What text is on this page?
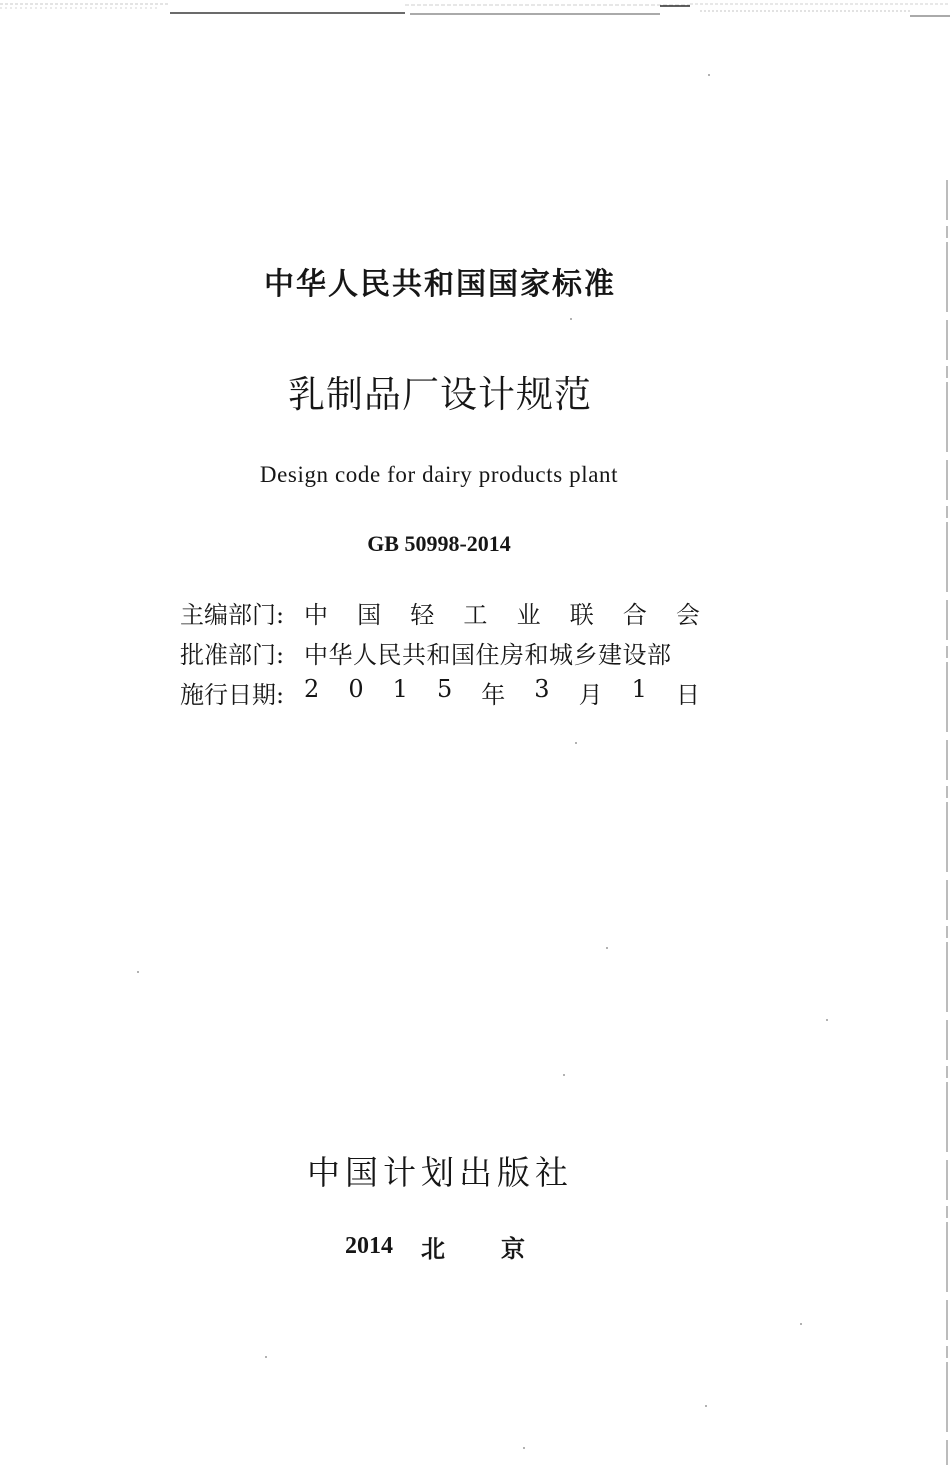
中华人民共和国国家标准
乳制品厂设计规范
Design code for dairy products plant
GB 50998-2014
主编部门: 中 国 轻 工 业 联 合 会
批准部门: 中华人民共和国住房和城乡建设部
施行日期: 2 0 1 5 年 3 月 1 日
中国计划出版社
2014 北京
